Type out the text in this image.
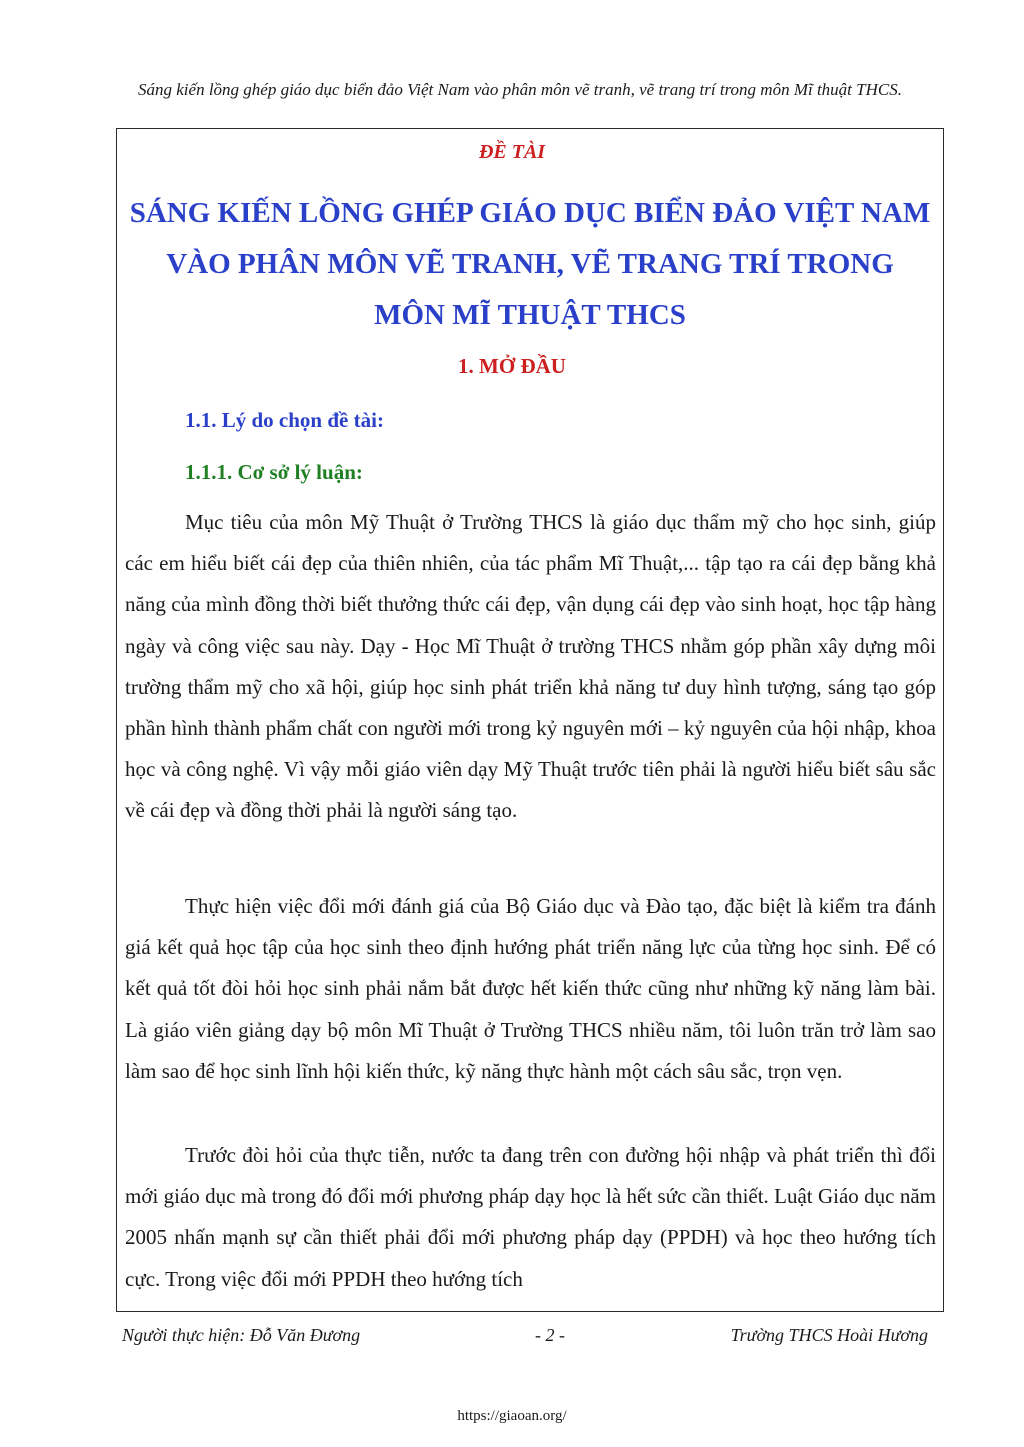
Sáng kiến lồng ghép giáo dục biển đảo Việt Nam vào phân môn vẽ tranh, vẽ trang trí trong môn Mĩ thuật THCS.

ĐỀ TÀI

SÁNG KIẾN LỒNG GHÉP GIÁO DỤC BIỂN ĐẢO VIỆT NAM
VÀO PHÂN MÔN VẼ TRANH, VẼ TRANG TRÍ TRONG
MÔN MĨ THUẬT THCS
1. MỞ ĐẦU
1.1. Lý do chọn đề tài:
1.1.1. Cơ sở lý luận:

Mục tiêu của môn Mỹ Thuật ở Trường THCS là giáo dục thẩm mỹ cho học sinh, giúp các em hiểu biết cái đẹp của thiên nhiên, của tác phẩm Mĩ Thuật,... tập tạo ra cái đẹp bằng khả năng của mình đồng thời biết thưởng thức cái đẹp, vận dụng cái đẹp vào sinh hoạt, học tập hàng ngày và công việc sau này. Dạy - Học Mĩ Thuật ở trường THCS nhằm góp phần xây dựng môi trường thẩm mỹ cho xã hội, giúp học sinh phát triển khả năng tư duy hình tượng, sáng tạo góp phần hình thành phẩm chất con người mới trong kỷ nguyên mới – kỷ nguyên của hội nhập, khoa học và công nghệ. Vì vậy mỗi giáo viên dạy Mỹ Thuật trước tiên phải là người hiểu biết sâu sắc về cái đẹp và đồng thời phải là người sáng tạo.

Thực hiện việc đổi mới đánh giá của Bộ Giáo dục và Đào tạo, đặc biệt là kiểm tra đánh giá kết quả học tập của học sinh theo định hướng phát triển năng lực của từng học sinh. Để có kết quả tốt đòi hỏi học sinh phải nắm bắt được hết kiến thức cũng như những kỹ năng làm bài. Là giáo viên giảng dạy bộ môn Mĩ Thuật ở Trường THCS nhiều năm, tôi luôn trăn trở làm sao làm sao để học sinh lĩnh hội kiến thức, kỹ năng thực hành một cách sâu sắc, trọn vẹn.

Trước đòi hỏi của thực tiễn, nước ta đang trên con đường hội nhập và phát triển thì đổi mới giáo dục mà trong đó đổi mới phương pháp dạy học là hết sức cần thiết. Luật Giáo dục năm 2005 nhấn mạnh sự cần thiết phải đổi mới phương pháp dạy (PPDH) và học theo hướng tích cực. Trong việc đổi mới PPDH theo hướng tích

Người thực hiện: Đỗ Văn Đương	- 2 -	Trường THCS Hoài Hương
https://giaoan.org/
